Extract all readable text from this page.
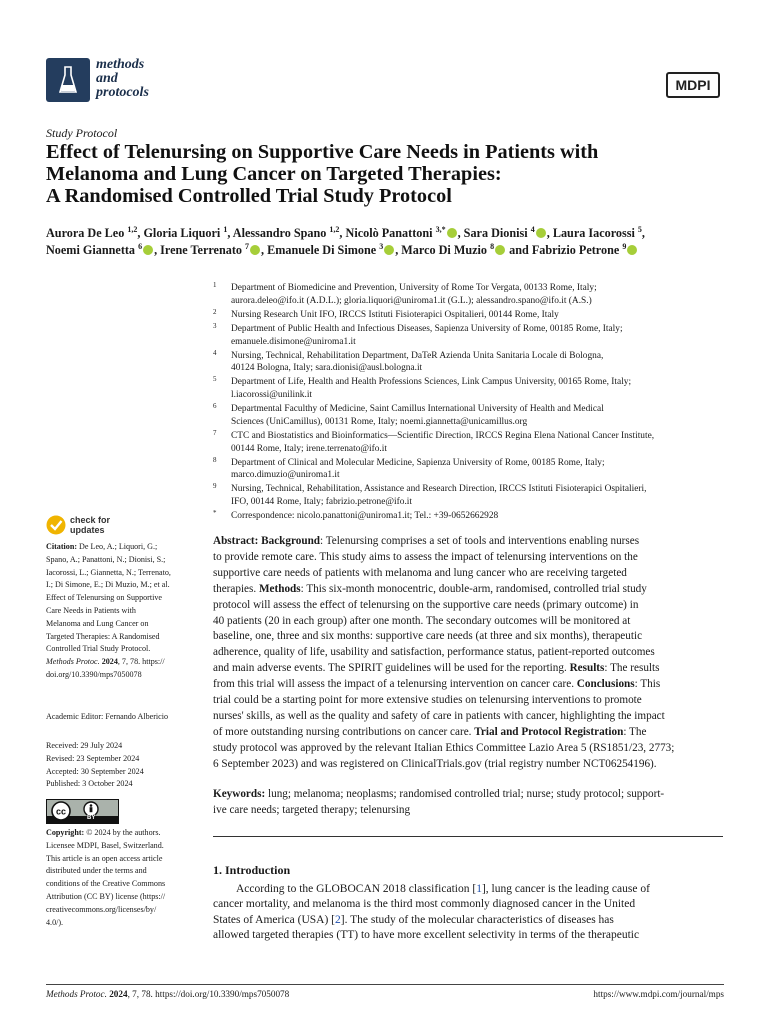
methods
and
protocols	MDPI
Study Protocol
Effect of Telenursing on Supportive Care Needs in Patients with
Melanoma and Lung Cancer on Targeted Therapies:
A Randomised Controlled Trial Study Protocol
Aurora De Leo $^{1,2}$, Gloria Liquori $^1$, Alessandro Spano $^{1,2}$, Nicolò Panattoni $^{3,*}$ , Sara Dionisi $^4$ , Laura Iacorossi $^5$,
Noemi Giannetta $^6$ , Irene Terrenato $^7$ , Emanuele Di Simone $^3$ , Marco Di Muzio $^8$ and Fabrizio Petrone $^9$
1 Department of Biomedicine and Prevention, University of Rome Tor Vergata, 00133 Rome, Italy;
aurora.deleo@ifo.it (A.D.L.); gloria.liquori@uniroma1.it (G.L.); alessandro.spano@ifo.it (A.S.)
2 Nursing Research Unit IFO, IRCCS Istituti Fisioterapici Ospitalieri, 00144 Rome, Italy
3 Department of Public Health and Infectious Diseases, Sapienza University of Rome, 00185 Rome, Italy;
emanuele.disimone@uniroma1.it
4 Nursing, Technical, Rehabilitation Department, DaTeR Azienda Unita Sanitaria Locale di Bologna,
40124 Bologna, Italy; sara.dionisi@ausl.bologna.it
5 Department of Life, Health and Health Professions Sciences, Link Campus University, 00165 Rome, Italy;
l.iacorossi@unilink.it
6 Departmental Faculthy of Medicine, Saint Camillus International University of Health and Medical
Sciences (UniCamillus), 00131 Rome, Italy; noemi.giannetta@unicamillus.org
7 CTC and Biostatistics and Bioinformatics—Scientific Direction, IRCCS Regina Elena National Cancer Institute,
00144 Rome, Italy; irene.terrenato@ifo.it
8 Department of Clinical and Molecular Medicine, Sapienza University of Rome, 00185 Rome, Italy;
marco.dimuzio@uniroma1.it
9 Nursing, Technical, Rehabilitation, Assistance and Research Direction, IRCCS Istituti Fisioterapici Ospitalieri,
IFO, 00144 Rome, Italy; fabrizio.petrone@ifo.it
* Correspondence: nicolo.panattoni@uniroma1.it; Tel.: +39-0652662928
check for
updates
Citation: De Leo, A.; Liquori, G.;
Spano, A.; Panattoni, N.; Dionisi, S.;
Iacorossi, L.; Giannetta, N.; Terrenato,
I.; Di Simone, E.; Di Muzio, M.; et al.
Effect of Telenursing on Supportive
Care Needs in Patients with
Melanoma and Lung Cancer on
Targeted Therapies: A Randomised
Controlled Trial Study Protocol.
Methods Protoc. 2024, 7, 78. https://
doi.org/10.3390/mps7050078
Academic Editor: Fernando Albericio
Received: 29 July 2024
Revised: 23 September 2024
Accepted: 30 September 2024
Published: 3 October 2024
cc
BY
Copyright: © 2024 by the authors.
Licensee MDPI, Basel, Switzerland.
This article is an open access article
distributed under the terms and
conditions of the Creative Commons
Attribution (CC BY) license (https://
creativecommons.org/licenses/by/
4.0/).
Abstract: Background: Telenursing comprises a set of tools and interventions enabling nurses
to provide remote care. This study aims to assess the impact of telenursing interventions on the
supportive care needs of patients with melanoma and lung cancer who are receiving targeted
therapies. Methods: This six-month monocentric, double-arm, randomised, controlled trial study
protocol will assess the effect of telenursing on the supportive care needs (primary outcome) in
40 patients (20 in each group) after one month. The secondary outcomes will be monitored at
baseline, one, three and six months: supportive care needs (at three and six months), therapeutic
adherence, quality of life, usability and satisfaction, performance status, patient-reported outcomes
and main adverse events. The SPIRIT guidelines will be used for the reporting. Results: The results
from this trial will assess the impact of a telenursing intervention on cancer care. Conclusions: This
trial could be a starting point for more extensive studies on telenursing interventions to promote
nurses' skills, as well as the quality and safety of care in patients with cancer, highlighting the impact
of more outstanding nursing contributions on cancer care. Trial and Protocol Registration: The
study protocol was approved by the relevant Italian Ethics Committee Lazio Area 5 (RS1851/23, 2773;
6 September 2023) and was registered on ClinicalTrials.gov (trial registry number NCT06254196).
Keywords: lung; melanoma; neoplasms; randomised controlled trial; nurse; study protocol; support-
ive care needs; targeted therapy; telenursing
1. Introduction
  According to the GLOBOCAN 2018 classification [1], lung cancer is the leading cause of
cancer mortality, and melanoma is the third most commonly diagnosed cancer in the United
States of America (USA) [2]. The study of the molecular characteristics of diseases has
allowed targeted therapies (TT) to have more excellent selectivity in terms of the therapeutic
Methods Protoc. 2024, 7, 78. https://doi.org/10.3390/mps7050078	https://www.mdpi.com/journal/mps
